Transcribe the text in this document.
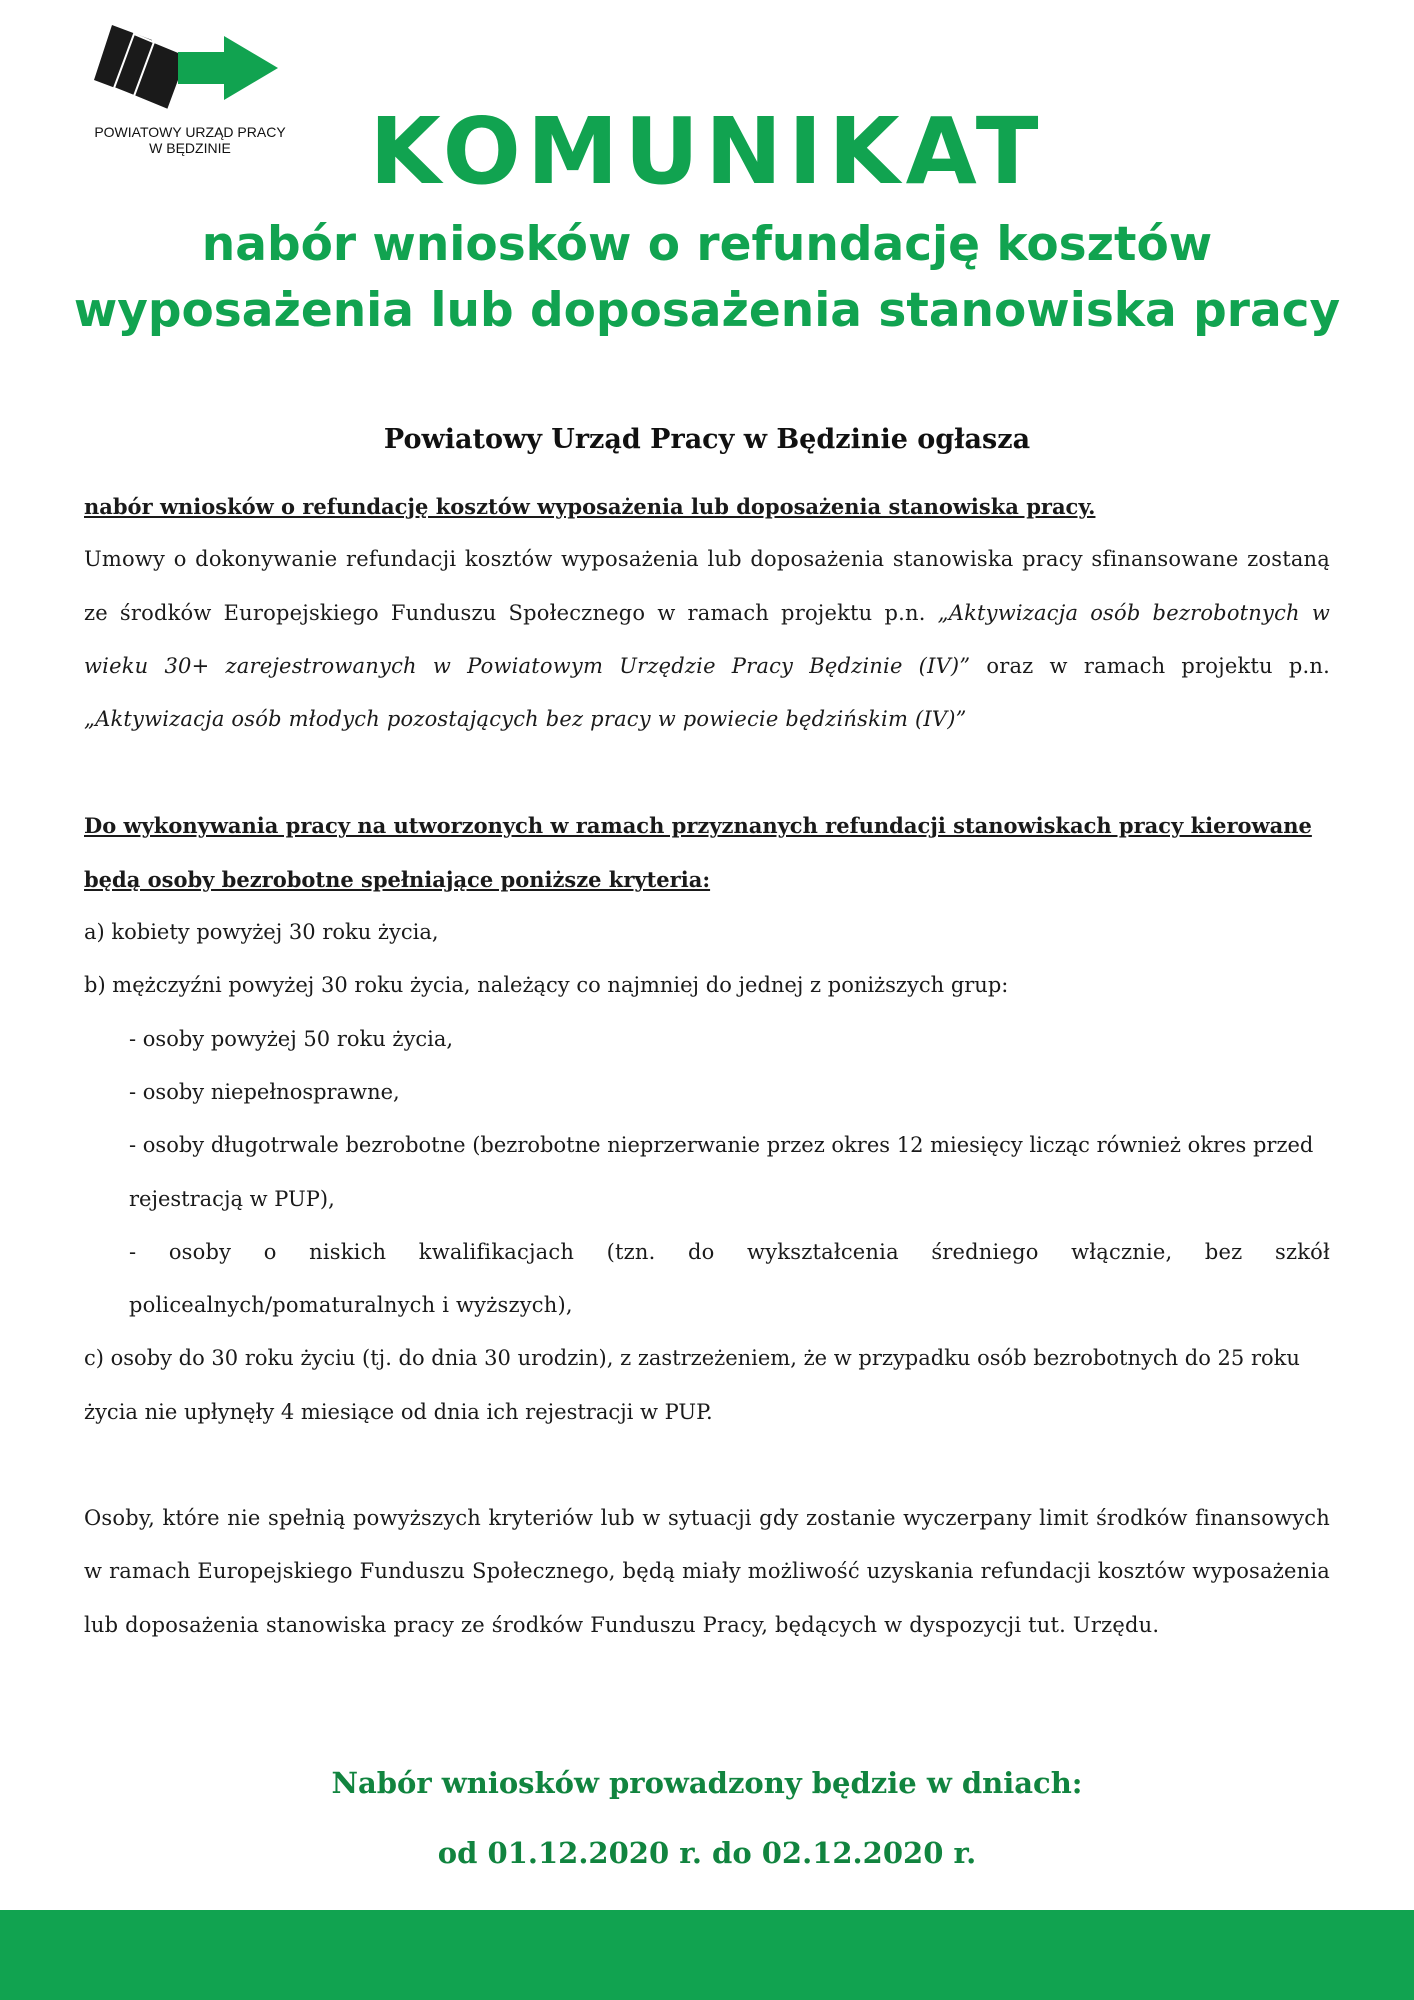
POWIATOWY URZĄD PRACY
W BĘDZINIE	KOMUNIKAT
nabór wniosków o refundację kosztów
wyposażenia lub doposażenia stanowiska pracy
Powiatowy Urząd Pracy w Będzinie ogłasza

nabór wniosków o refundację kosztów wyposażenia lub doposażenia stanowiska pracy.

Umowy o dokonywanie refundacji kosztów wyposażenia lub doposażenia stanowiska pracy sfinansowane zostaną ze środków Europejskiego Funduszu Społecznego w ramach projektu p.n. „Aktywizacja osób bezrobotnych w wieku 30+ zarejestrowanych w Powiatowym Urzędzie Pracy Będzinie (IV)” oraz w ramach projektu p.n. „Aktywizacja osób młodych pozostających bez pracy w powiecie będzińskim (IV)”

Do wykonywania pracy na utworzonych w ramach przyznanych refundacji stanowiskach pracy kierowane będą osoby bezrobotne spełniające poniższe kryteria:

a) kobiety powyżej 30 roku życia,

b) mężczyźni powyżej 30 roku życia, należący co najmniej do jednej z poniższych grup:

- osoby powyżej 50 roku życia,

- osoby niepełnosprawne,

- osoby długotrwale bezrobotne (bezrobotne nieprzerwanie przez okres 12 miesięcy licząc również okres przed rejestracją w PUP),

- osoby o niskich kwalifikacjach (tzn. do wykształcenia średniego włącznie, bez szkół policealnych/pomaturalnych i wyższych),

c) osoby do 30 roku życiu (tj. do dnia 30 urodzin), z zastrzeżeniem, że w przypadku osób bezrobotnych do 25 roku życia nie upłynęły 4 miesiące od dnia ich rejestracji w PUP.

Osoby, które nie spełnią powyższych kryteriów lub w sytuacji gdy zostanie wyczerpany limit środków finansowych w ramach Europejskiego Funduszu Społecznego, będą miały możliwość uzyskania refundacji kosztów wyposażenia lub doposażenia stanowiska pracy ze środków Funduszu Pracy, będących w dyspozycji tut. Urzędu.

Nabór wniosków prowadzony będzie w dniach:
od 01.12.2020 r. do 02.12.2020 r.
